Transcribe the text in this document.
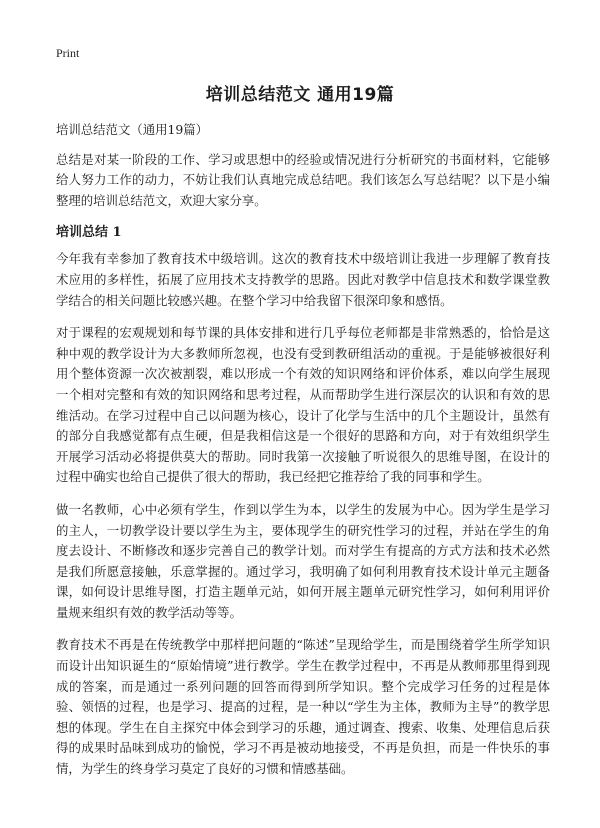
Print
培训总结范文 通用19篇

培训总结范文（通用19篇）

总结是对某一阶段的工作、学习或思想中的经验或情况进行分析研究的书面材料，它能够给人努力工作的动力，不妨让我们认真地完成总结吧。我们该怎么写总结呢？以下是小编整理的培训总结范文，欢迎大家分享。

培训总结 1

今年我有幸参加了教育技术中级培训。这次的教育技术中级培训让我进一步理解了教育技术应用的多样性，拓展了应用技术支持教学的思路。因此对教学中信息技术和数学课堂教学结合的相关问题比较感兴趣。在整个学习中给我留下很深印象和感悟。

对于课程的宏观规划和每节课的具体安排和进行几乎每位老师都是非常熟悉的，恰恰是这种中观的教学设计为大多教师所忽视，也没有受到教研组活动的重视。于是能够被很好利用个整体资源一次次被割裂，难以形成一个有效的知识网络和评价体系，难以向学生展现一个相对完整和有效的知识网络和思考过程，从而帮助学生进行深层次的认识和有效的思维活动。在学习过程中自己以问题为核心，设计了化学与生活中的几个主题设计，虽然有的部分自我感觉都有点生硬，但是我相信这是一个很好的思路和方向，对于有效组织学生开展学习活动必将提供莫大的帮助。同时我第一次接触了听说很久的思维导图，在设计的过程中确实也给自己提供了很大的帮助，我已经把它推荐给了我的同事和学生。

做一名教师，心中必须有学生，作到以学生为本，以学生的发展为中心。因为学生是学习的主人，一切教学设计要以学生为主，要体现学生的研究性学习的过程，并站在学生的角度去设计、不断修改和逐步完善自己的教学计划。而对学生有提高的方式方法和技术必然是我们所愿意接触，乐意掌握的。通过学习，我明确了如何利用教育技术设计单元主题备课，如何设计思维导图，打造主题单元站，如何开展主题单元研究性学习，如何利用评价量规来组织有效的教学活动等等。

教育技术不再是在传统教学中那样把问题的“陈述”呈现给学生，而是围绕着学生所学知识而设计出知识诞生的“原始情境”进行教学。学生在教学过程中，不再是从教师那里得到现成的答案，而是通过一系列问题的回答而得到所学知识。整个完成学习任务的过程是体验、领悟的过程，也是学习、提高的过程，是一种以“学生为主体，教师为主导”的教学思想的体现。学生在自主探究中体会到学习的乐趣，通过调查、搜索、收集、处理信息后获得的成果时品味到成功的愉悦，学习不再是被动地接受，不再是负担，而是一件快乐的事情，为学生的终身学习莫定了良好的习惯和情感基础。
